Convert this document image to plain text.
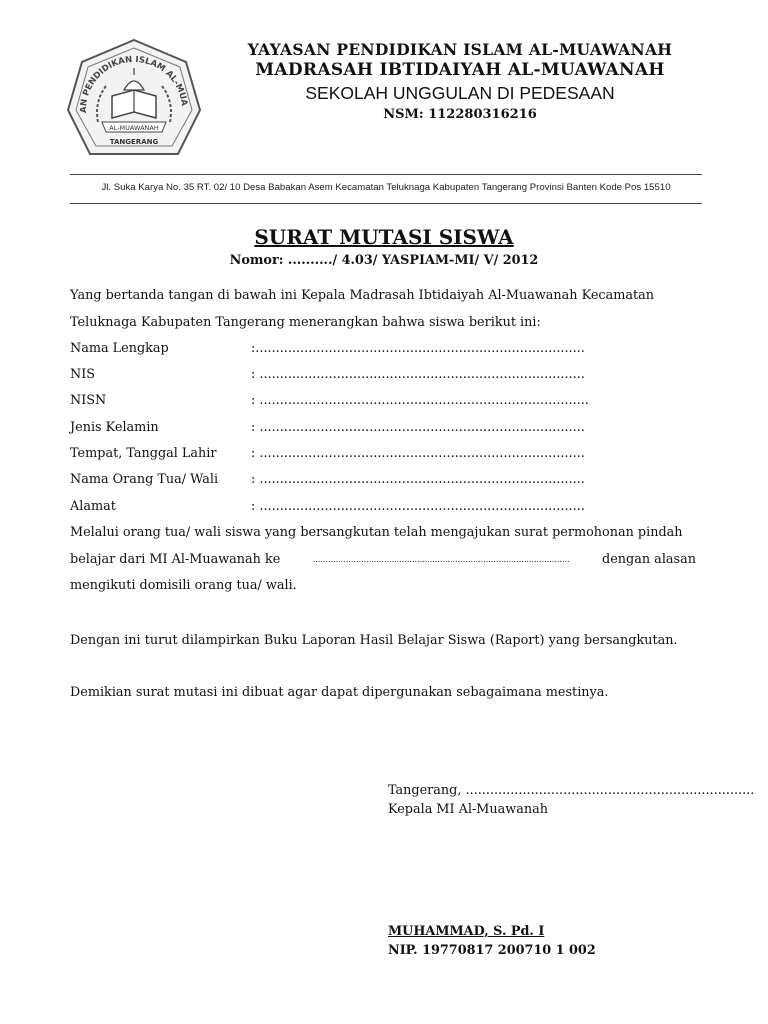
AN PENDIDIKAN ISLAM AL-MUA
AL-MUAWANAH
TANGERANG
YAYASAN PENDIDIKAN ISLAM AL-MUAWANAH
MADRASAH IBTIDAIYAH AL-MUAWANAH
SEKOLAH UNGGULAN DI PEDESAAN
NSM: 112280316216
Jl. Suka Karya No. 35 RT. 02/ 10 Desa Babakan Asem Kecamatan Teluknaga Kabupaten Tangerang Provinsi Banten Kode Pos 15510
SURAT MUTASI SISWA
Nomor: ........../ 4.03/ YASPIAM-MI/ V/ 2012
Yang bertanda tangan di bawah ini Kepala Madrasah Ibtidaiyah Al-Muawanah Kecamatan
Teluknaga Kabupaten Tangerang menerangkan bahwa siswa berikut ini:
Nama Lengkap	:.................................................................................
NIS	: ................................................................................
NISN	: .................................................................................
Jenis Kelamin	: ................................................................................
Tempat, Tanggal Lahir	: ................................................................................
Nama Orang Tua/ Wali	: ................................................................................
Alamat	: ................................................................................
Melalui orang tua/ wali siswa yang bersangkutan telah mengajukan surat permohonan pindah

belajar dari MI Al-Muawanah ke	.....................................................................................................	dengan alasan
mengikuti domisili orang tua/ wali.
Dengan ini turut dilampirkan Buku Laporan Hasil Belajar Siswa (Raport) yang bersangkutan.
Demikian surat mutasi ini dibuat agar dapat dipergunakan sebagaimana mestinya.
Tangerang, .......................................................................
Kepala MI Al-Muawanah
MUHAMMAD, S. Pd. I
NIP. 19770817 200710 1 002
